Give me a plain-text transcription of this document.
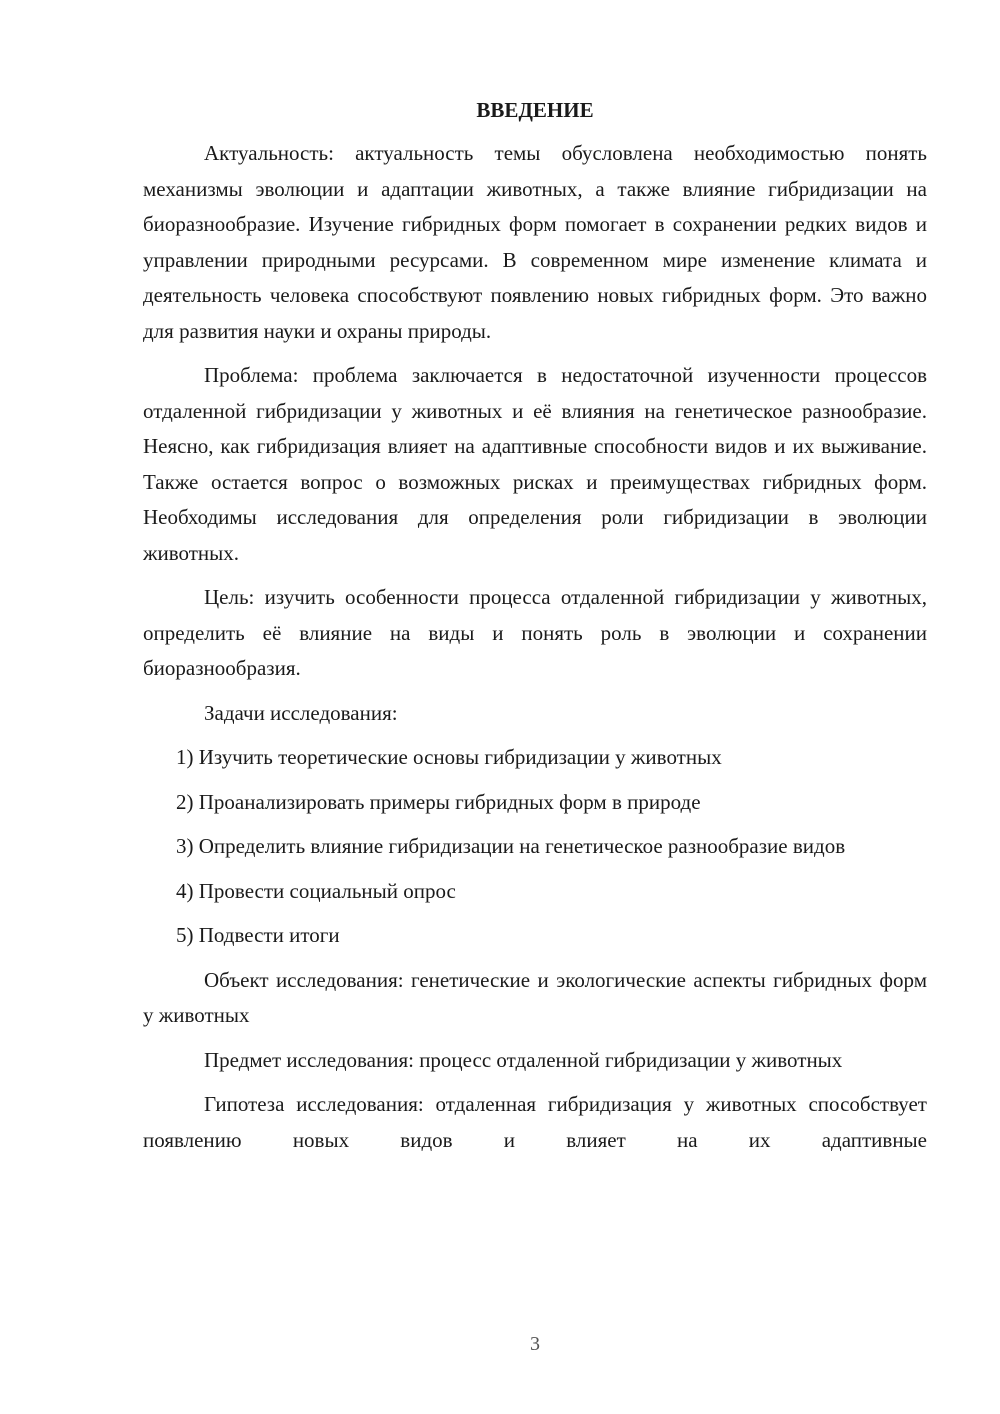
ВВЕДЕНИЕ

Актуальность: актуальность темы обусловлена необходимостью понять механизмы эволюции и адаптации животных, а также влияние гибридизации на биоразнообразие. Изучение гибридных форм помогает в сохранении редких видов и управлении природными ресурсами. В современном мире изменение климата и деятельность человека способствуют появлению новых гибридных форм. Это важно для развития науки и охраны природы.

Проблема: проблема заключается в недостаточной изученности процессов отдаленной гибридизации у животных и её влияния на генетическое разнообразие. Неясно, как гибридизация влияет на адаптивные способности видов и их выживание. Также остается вопрос о возможных рисках и преимуществах гибридных форм. Необходимы исследования для определения роли гибридизации в эволюции животных.

Цель: изучить особенности процесса отдаленной гибридизации у животных, определить её влияние на виды и понять роль в эволюции и сохранении биоразнообразия.

Задачи исследования:

1) Изучить теоретические основы гибридизации у животных

2) Проанализировать примеры гибридных форм в природе

3) Определить влияние гибридизации на генетическое разнообразие видов

4) Провести социальный опрос

5) Подвести итоги

Объект исследования: генетические и экологические аспекты гибридных форм у животных

Предмет исследования: процесс отдаленной гибридизации у животных

Гипотеза исследования: отдаленная гибридизация у животных способствует появлению новых видов и влияет на их адаптивные

3
